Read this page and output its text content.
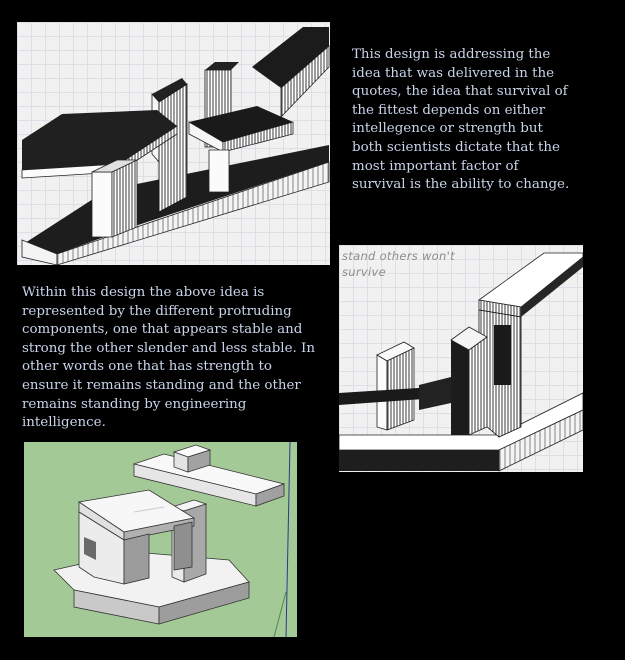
This design is addressing the
idea that was delivered in the
quotes, the idea that survival of
the fittest depends on either
intellegence or strength but
both scientists dictate that the
most important factor of
survival is the ability to change.

stand others won't
survive

Within this design the above idea is
represented by the different protruding
components, one that appears stable and
strong the other slender and less stable. In
other words one that has strength to
ensure it remains standing and the other
remains standing by engineering
intelligence.
